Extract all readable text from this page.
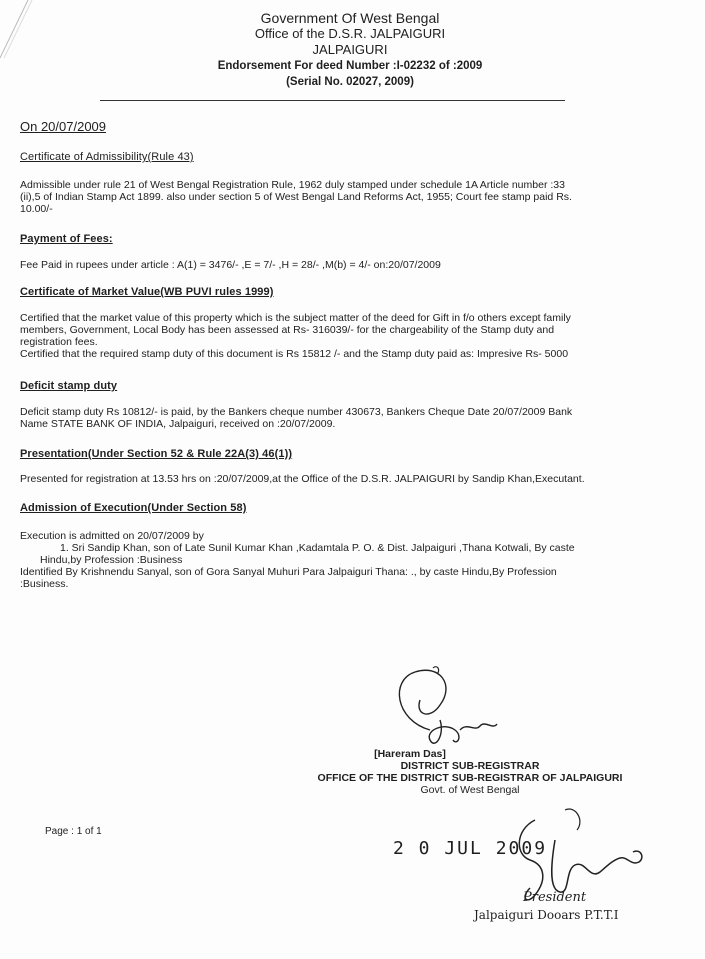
Government Of West Bengal
Office of the D.S.R. JALPAIGURI
JALPAIGURI
Endorsement For deed Number :I-02232 of :2009
(Serial No. 02027, 2009)
On 20/07/2009
Certificate of Admissibility(Rule 43)
Admissible under rule 21 of West Bengal Registration Rule, 1962 duly stamped under schedule 1A Article number :33
(ii),5 of Indian Stamp Act 1899. also under section 5 of West Bengal Land Reforms Act, 1955; Court fee stamp paid Rs.
10.00/-
Payment of Fees:
Fee Paid in rupees under article : A(1) = 3476/- ,E = 7/- ,H = 28/- ,M(b) = 4/- on:20/07/2009
Certificate of Market Value(WB PUVI rules 1999)
Certified that the market value of this property which is the subject matter of the deed for Gift in f/o others except family
members, Government, Local Body has been assessed at Rs- 316039/- for the chargeability of the Stamp duty and
registration fees.
Certified that the required stamp duty of this document is Rs 15812 /- and the Stamp duty paid as: Impresive Rs- 5000
Deficit stamp duty
Deficit stamp duty Rs 10812/- is paid, by the Bankers cheque number 430673, Bankers Cheque Date 20/07/2009 Bank
Name STATE BANK OF INDIA, Jalpaiguri, received on :20/07/2009.
Presentation(Under Section 52 & Rule 22A(3) 46(1))
Presented for registration at 13.53 hrs on :20/07/2009,at the Office of the D.S.R. JALPAIGURI by Sandip Khan,Executant.
Admission of Execution(Under Section 58)
Execution is admitted on 20/07/2009 by
1. Sri Sandip Khan, son of Late Sunil Kumar Khan ,Kadamtala P. O. & Dist. Jalpaiguri ,Thana Kotwali, By caste
Hindu,by Profession :Business
Identified By Krishnendu Sanyal, son of Gora Sanyal Muhuri Para Jalpaiguri Thana: ., by caste Hindu,By Profession
:Business.
[Hareram Das]
DISTRICT SUB-REGISTRAR
OFFICE OF THE DISTRICT SUB-REGISTRAR OF JALPAIGURI
Govt. of West Bengal
Page : 1 of 1
2 0 JUL 2009
President
Jalpaiguri Dooars P.T.T.I
